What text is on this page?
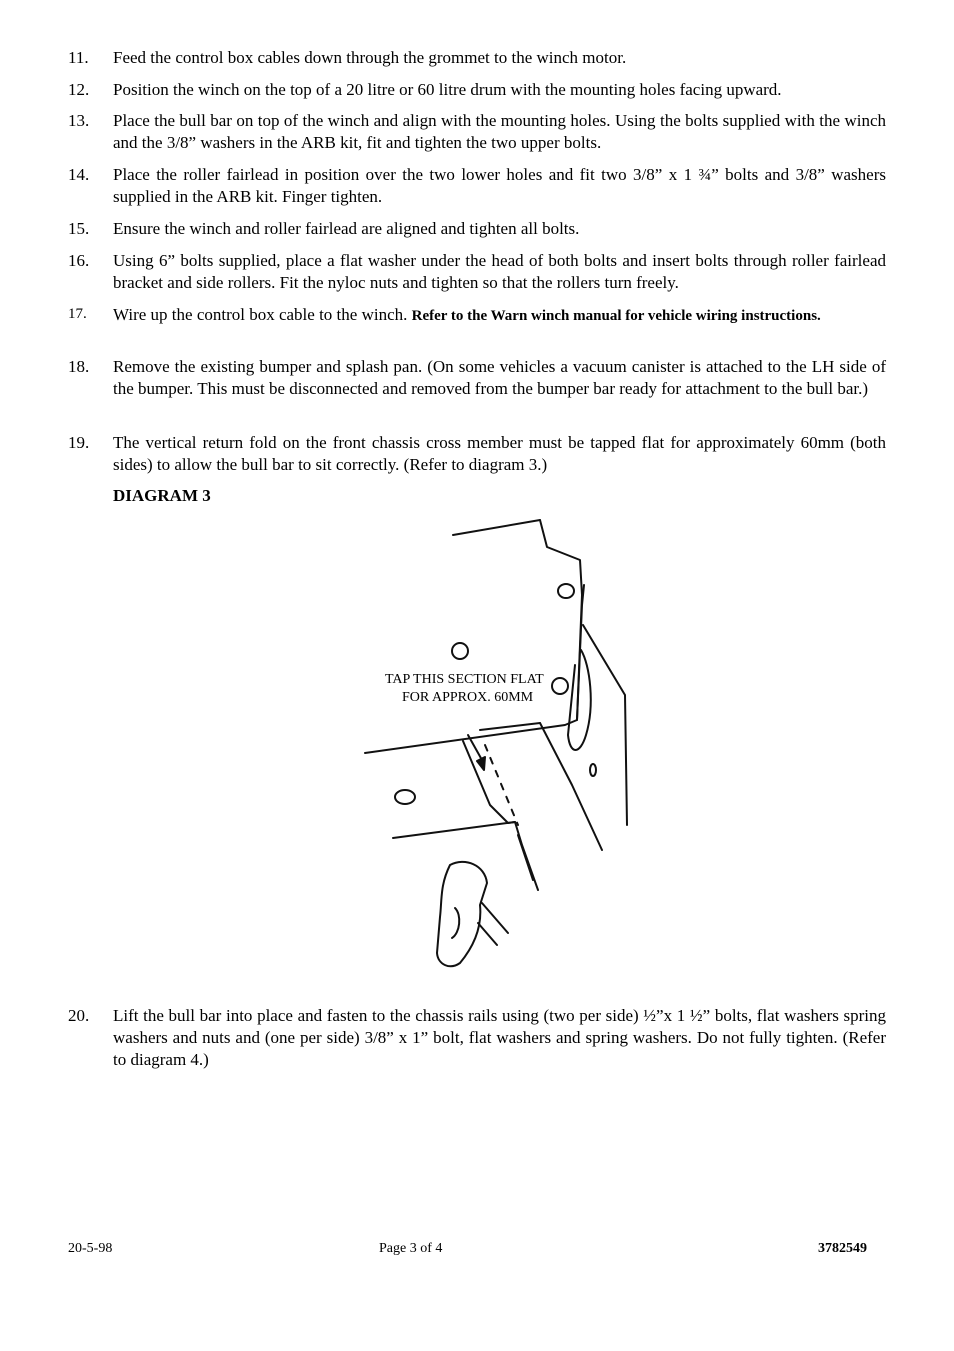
11.	Feed the control box cables down through the grommet to the winch motor.
12.	Position the winch on the top of a 20 litre or 60 litre drum with the mounting holes facing upward.
13.	Place the bull bar on top of the winch and align with the mounting holes. Using the bolts supplied with the winch and the 3/8” washers in the ARB kit, fit and tighten the two upper bolts.
14.	Place the roller fairlead in position over the two lower holes and fit two 3/8” x 1 ¾” bolts and 3/8” washers supplied in the ARB kit. Finger tighten.
15.	Ensure the winch and roller fairlead are aligned and tighten all bolts.
16.	Using 6” bolts supplied, place a flat washer under the head of both bolts and insert bolts through roller fairlead bracket and side rollers. Fit the nyloc nuts and tighten so that the rollers turn freely.
17.	Wire up the control box cable to the winch. Refer to the Warn winch manual for vehicle wiring instructions.
18.	Remove the existing bumper and splash pan. (On some vehicles a vacuum canister is attached to the LH side of the bumper. This must be disconnected and removed from the bumper bar ready for attachment to the bull bar.)
19.	The vertical return fold on the front chassis cross member must be tapped flat for approximately 60mm (both sides) to allow the bull bar to sit correctly. (Refer to diagram 3.)
DIAGRAM 3
TAP THIS SECTION FLAT
FOR APPROX. 60MM
20.	Lift the bull bar into place and fasten to the chassis rails using (two per side) ½”x 1 ½” bolts, flat washers spring washers and nuts and (one per side) 3/8” x 1” bolt, flat washers and spring washers. Do not fully tighten. (Refer to diagram 4.)
20-5-98	Page 3 of 4	3782549
